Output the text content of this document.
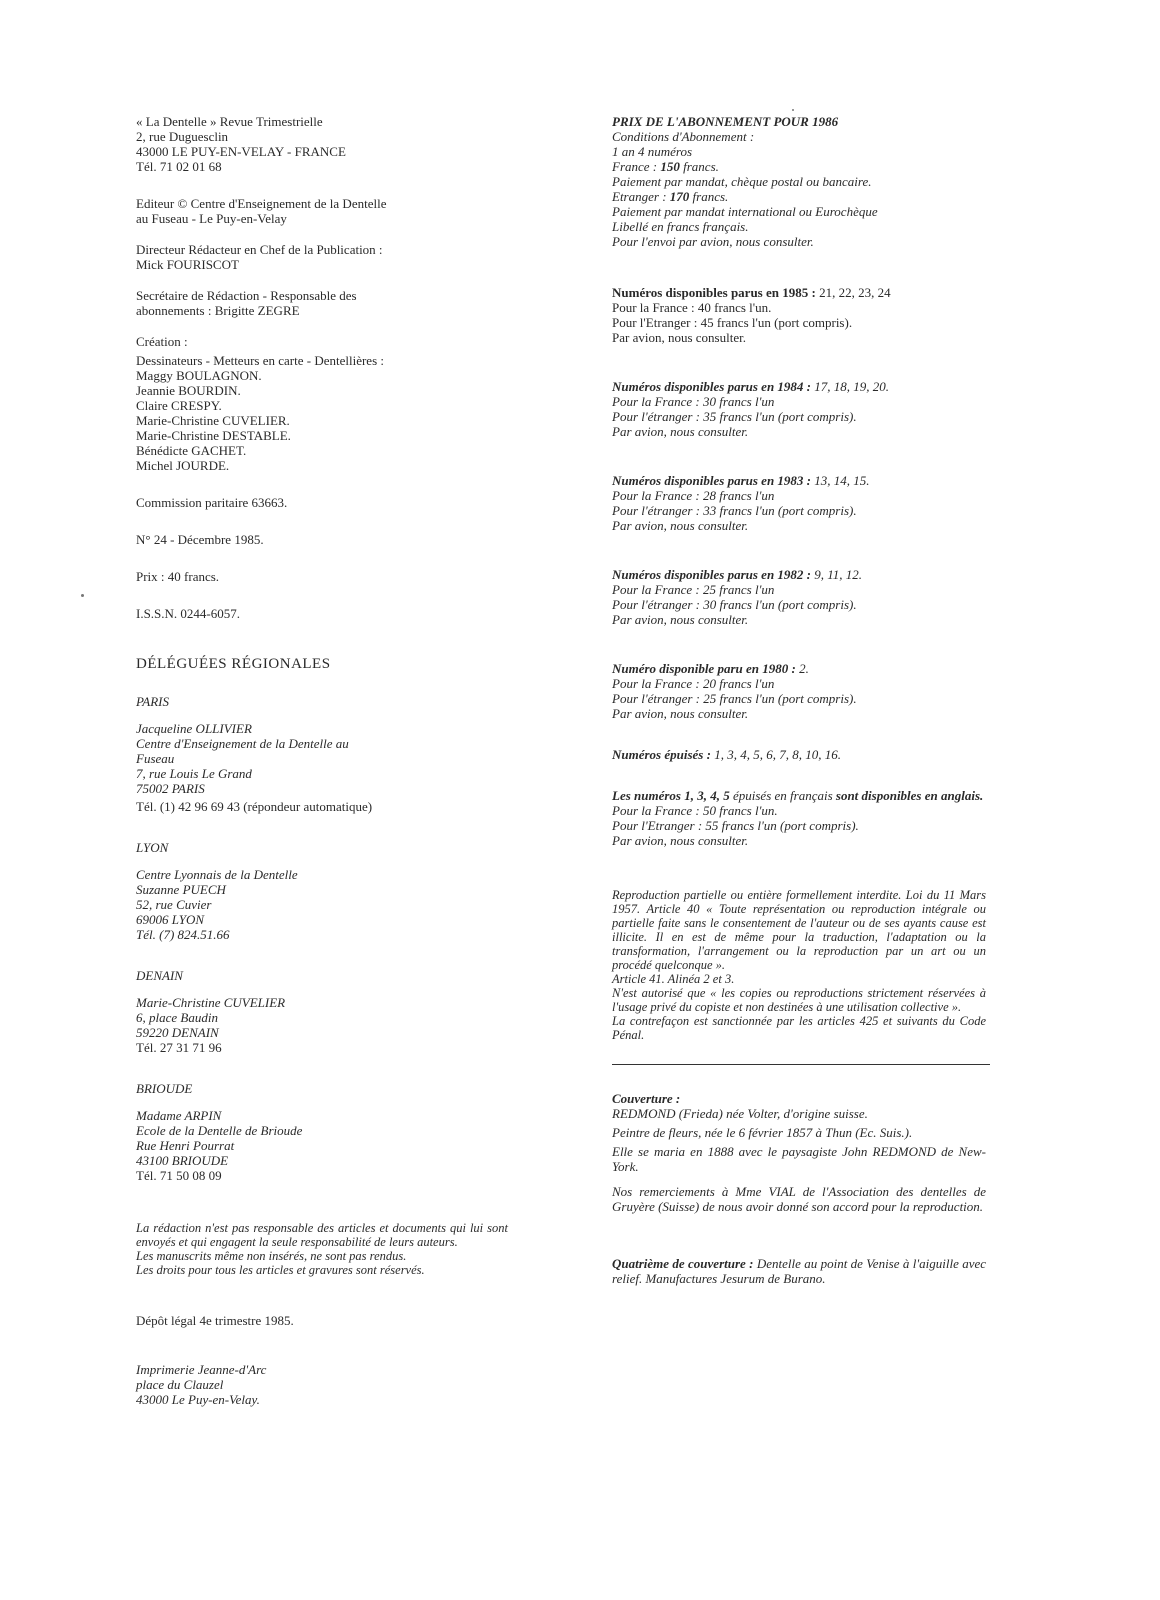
« La Dentelle » Revue Trimestrielle
2, rue Duguesclin
43000 LE PUY-EN-VELAY - FRANCE
Tél. 71 02 01 68
Editeur © Centre d'Enseignement de la Dentelle
au Fuseau - Le Puy-en-Velay
Directeur Rédacteur en Chef de la Publication :
Mick FOURISCOT
Secrétaire de Rédaction - Responsable des
abonnements : Brigitte ZEGRE
Création :
Dessinateurs - Metteurs en carte - Dentellières :
Maggy BOULAGNON.
Jeannie BOURDIN.
Claire CRESPY.
Marie-Christine CUVELIER.
Marie-Christine DESTABLE.
Bénédicte GACHET.
Michel JOURDE.
Commission paritaire 63663.
N° 24 - Décembre 1985.
Prix : 40 francs.
I.S.S.N. 0244-6057.
DÉLÉGUÉES RÉGIONALES
PARIS
Jacqueline OLLIVIER
Centre d'Enseignement de la Dentelle au
Fuseau
7, rue Louis Le Grand
75002 PARIS
Tél. (1) 42 96 69 43 (répondeur automatique)
LYON
Centre Lyonnais de la Dentelle
Suzanne PUECH
52, rue Cuvier
69006 LYON
Tél. (7) 824.51.66
DENAIN
Marie-Christine CUVELIER
6, place Baudin
59220 DENAIN
Tél. 27 31 71 96
BRIOUDE
Madame ARPIN
Ecole de la Dentelle de Brioude
Rue Henri Pourrat
43100 BRIOUDE
Tél. 71 50 08 09
La rédaction n'est pas responsable des articles et documents qui lui sont envoyés et qui engagent la seule responsabilité de leurs auteurs.
Les manuscrits même non insérés, ne sont pas rendus.
Les droits pour tous les articles et gravures sont réservés.
Dépôt légal 4e trimestre 1985.
Imprimerie Jeanne-d'Arc
place du Clauzel
43000 Le Puy-en-Velay.
PRIX DE L'ABONNEMENT POUR 1986
Conditions d'Abonnement :
1 an 4 numéros
France : 150 francs.
Paiement par mandat, chèque postal ou bancaire.
Etranger : 170 francs.
Paiement par mandat international ou Eurochèque
Libellé en francs français.
Pour l'envoi par avion, nous consulter.
Numéros disponibles parus en 1985 : 21, 22, 23, 24
Pour la France : 40 francs l'un.
Pour l'Etranger : 45 francs l'un (port compris).
Par avion, nous consulter.
Numéros disponibles parus en 1984 : 17, 18, 19, 20.
Pour la France : 30 francs l'un
Pour l'étranger : 35 francs l'un (port compris).
Par avion, nous consulter.
Numéros disponibles parus en 1983 : 13, 14, 15.
Pour la France : 28 francs l'un
Pour l'étranger : 33 francs l'un (port compris).
Par avion, nous consulter.
Numéros disponibles parus en 1982 : 9, 11, 12.
Pour la France : 25 francs l'un
Pour l'étranger : 30 francs l'un (port compris).
Par avion, nous consulter.
Numéro disponible paru en 1980 : 2.
Pour la France : 20 francs l'un
Pour l'étranger : 25 francs l'un (port compris).
Par avion, nous consulter.
Numéros épuisés : 1, 3, 4, 5, 6, 7, 8, 10, 16.
Les numéros 1, 3, 4, 5 épuisés en français sont disponibles en anglais.
Pour la France : 50 francs l'un.
Pour l'Etranger : 55 francs l'un (port compris).
Par avion, nous consulter.
Reproduction partielle ou entière formellement interdite. Loi du 11 Mars 1957. Article 40 « Toute représentation ou reproduction intégrale ou partielle faite sans le consentement de l'auteur ou de ses ayants cause est illicite. Il en est de même pour la traduction, l'adaptation ou la transformation, l'arrangement ou la reproduction par un art ou un procédé quelconque ».
Article 41. Alinéa 2 et 3.
N'est autorisé que « les copies ou reproductions strictement réservées à l'usage privé du copiste et non destinées à une utilisation collective ».
La contrefaçon est sanctionnée par les articles 425 et suivants du Code Pénal.
Couverture :
REDMOND (Frieda) née Volter, d'origine suisse.
Peintre de fleurs, née le 6 février 1857 à Thun (Ec. Suis.).
Elle se maria en 1888 avec le paysagiste John REDMOND de New-York.
Nos remerciements à Mme VIAL de l'Association des dentelles de Gruyère (Suisse) de nous avoir donné son accord pour la reproduction.
Quatrième de couverture : Dentelle au point de Venise à l'aiguille avec relief. Manufactures Jesurum de Burano.
